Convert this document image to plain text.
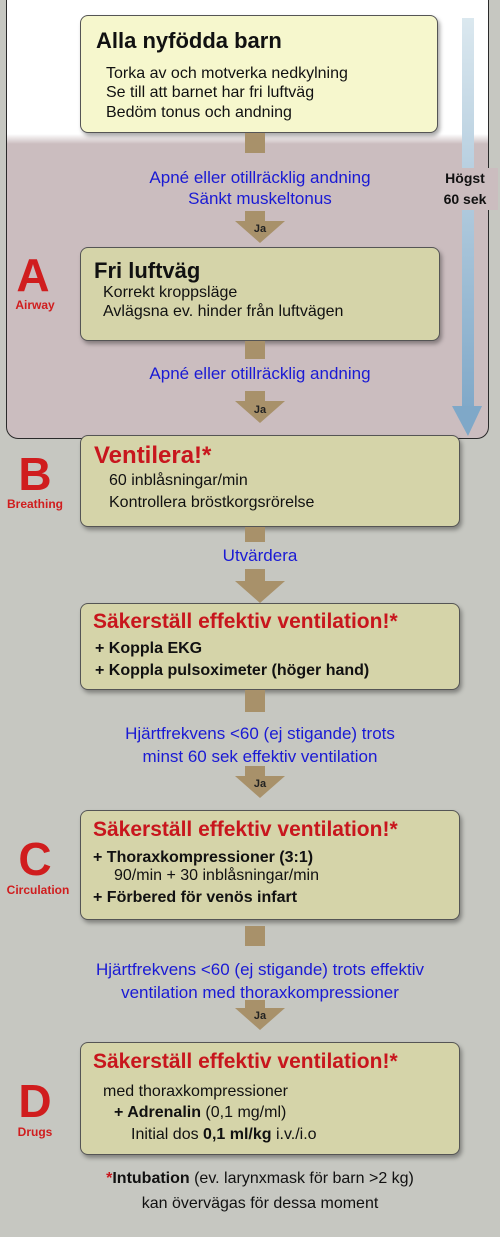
Högst
60 sek
Alla nyfödda barn
Torka av och motverka nedkylning
Se till att barnet har fri luftväg
Bedöm tonus och andning
Ja
Apné eller otillräcklig andning
Sänkt muskeltonus
A
Airway
Fri luftväg
Korrekt kroppsläge
Avlägsna ev. hinder från luftvägen
Ja
Apné eller otillräcklig andning
B
Breathing
Ventilera!*
60 inblåsningar/min
Kontrollera bröstkorgsrörelse
Utvärdera
Säkerställ effektiv ventilation!*
+ Koppla EKG
+ Koppla pulsoximeter (höger hand)
Ja
Hjärtfrekvens <60 (ej stigande) trots
minst 60 sek effektiv ventilation
C
Circulation
Säkerställ effektiv ventilation!*
+ Thoraxkompressioner (3:1)
90/min + 30 inblåsningar/min
+ Förbered för venös infart
Ja
Hjärtfrekvens <60 (ej stigande) trots effektiv
ventilation med thoraxkompressioner
D
Drugs
Säkerställ effektiv ventilation!*
med thoraxkompressioner
+ Adrenalin (0,1 mg/ml)
Initial dos 0,1 ml/kg i.v./i.o
*Intubation (ev. larynxmask för barn >2 kg)
kan övervägas för dessa moment
